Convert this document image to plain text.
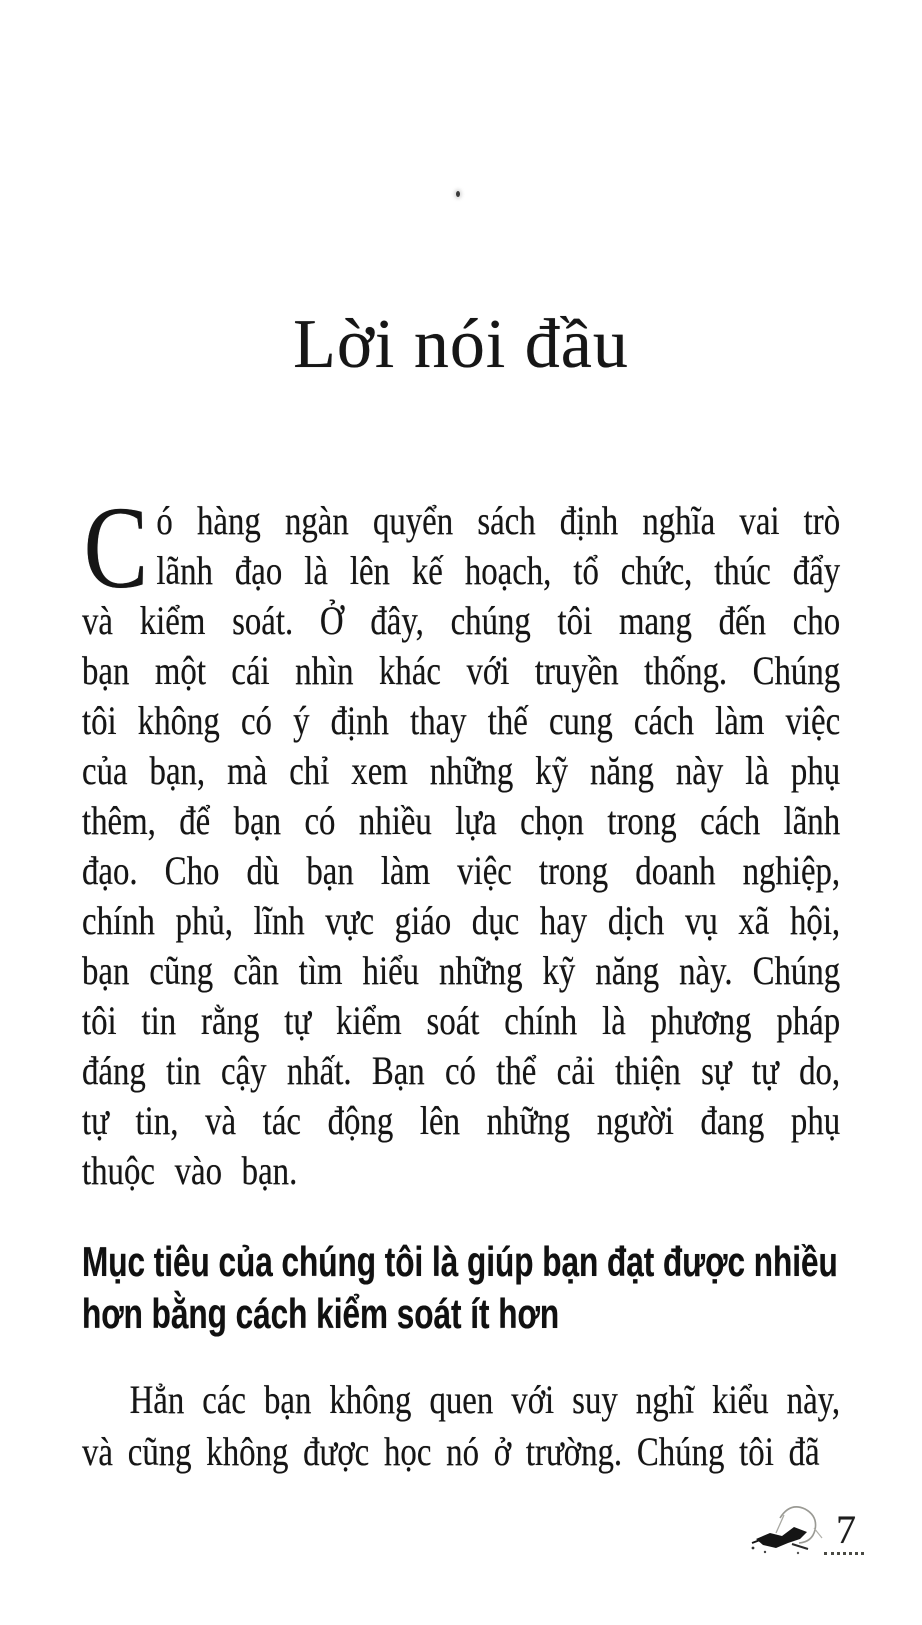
Lời nói đầu
Có hàng ngàn quyển sách định nghĩa vai trò lãnh đạo là lên kế hoạch, tổ chức, thúc đẩy và kiểm soát. Ở đây, chúng tôi mang đến cho bạn một cái nhìn khác với truyền thống. Chúng tôi không có ý định thay thế cung cách làm việc của bạn, mà chỉ xem những kỹ năng này là phụ thêm, để bạn có nhiều lựa chọn trong cách lãnh đạo. Cho dù bạn làm việc trong doanh nghiệp, chính phủ, lĩnh vực giáo dục hay dịch vụ xã hội, bạn cũng cần tìm hiểu những kỹ năng này. Chúng tôi tin rằng tự kiểm soát chính là phương pháp đáng tin cậy nhất. Bạn có thể cải thiện sự tự do, tự tin, và tác động lên những người đang phụ thuộc vào bạn.
Mục tiêu của chúng tôi là giúp bạn đạt được nhiều hơn bằng cách kiểm soát ít hơn
Hẳn các bạn không quen với suy nghĩ kiểu này, và cũng không được học nó ở trường. Chúng tôi đã
7
